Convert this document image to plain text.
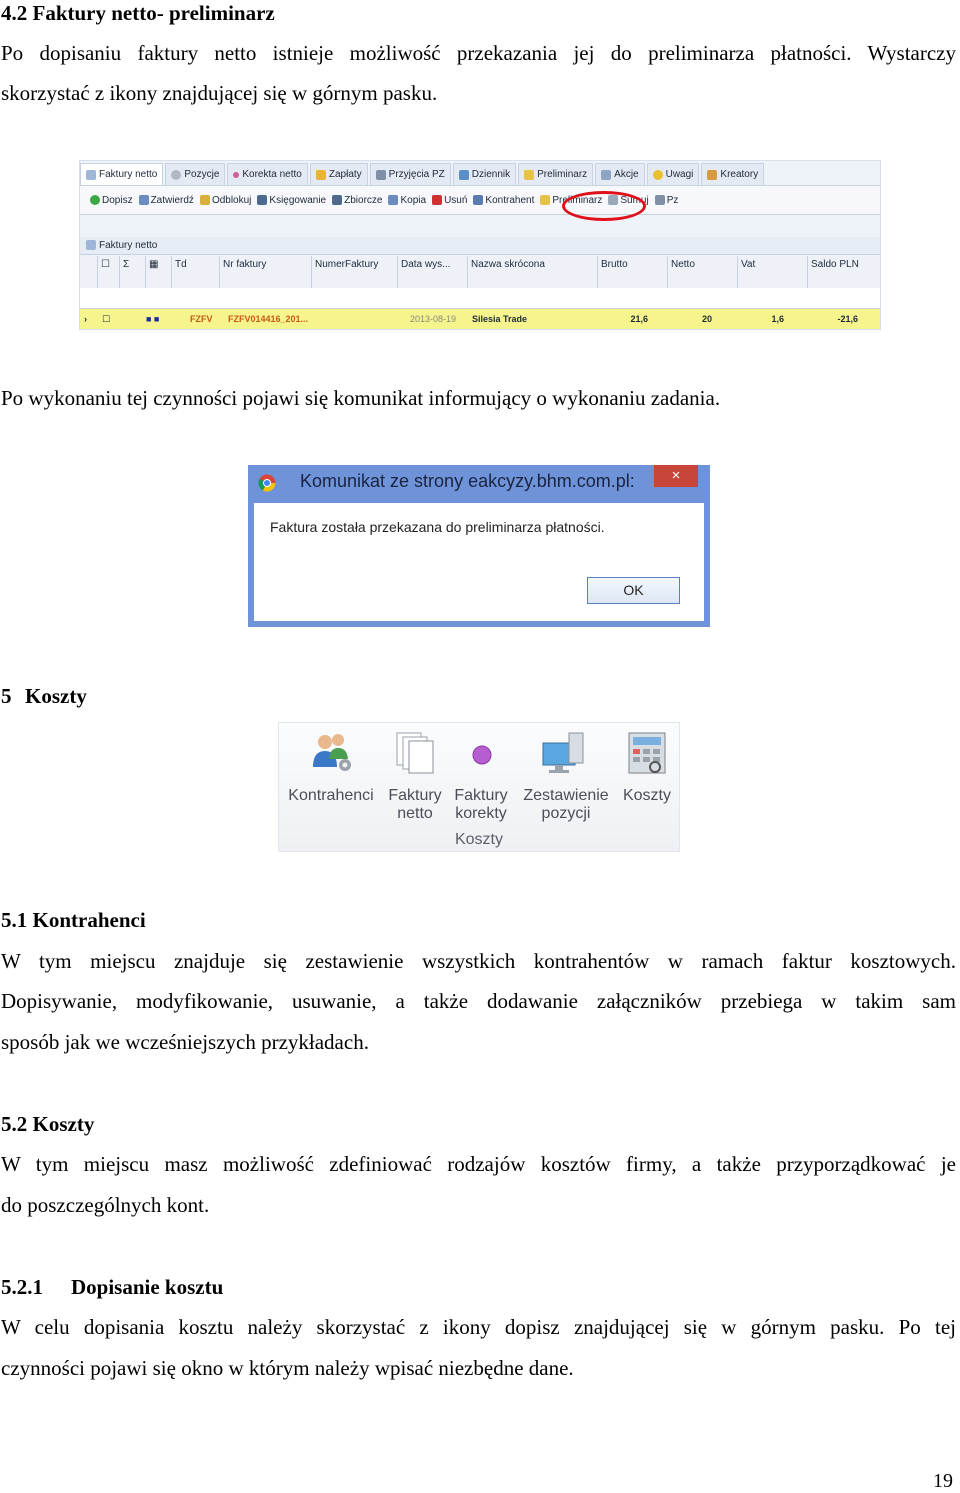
4.2 Faktury netto- preliminarz
Po dopisaniu faktury netto istnieje możliwość przekazania jej do preliminarza płatności. Wystarczy
skorzystać z ikony znajdującej się w górnym pasku.
Faktury netto	Pozycje Korekta netto	Zapłaty	Przyjęcia PZ	Dziennik	Preliminarz	Akcje	Uwagi	Kreatory
Dopisz Zatwierdź Odblokuj Księgowanie Zbiorcze Kopia Usuń Kontrahent Preliminarz Sumuj Pz
Faktury netto
☐	Σ	▦	Td	Nr faktury	NumerFaktury	Data wys...	Nazwa skrócona	Brutto	Netto	Vat	Saldo PLN
›	☐	■ ■	FZFV	FZFV014416_201...	2013-08-19	Silesia Trade	21,6	20	1,6	-21,6
Po wykonaniu tej czynności pojawi się komunikat informujący o wykonaniu zadania.
Komunikat ze strony eakcyzy.bhm.com.pl:	×
Faktura została przekazana do preliminarza płatności.
OK
5 Koszty
Kontrahenci Faktury
netto
Faktury
korekty
Zestawienie
pozycji
Koszty
Koszty
5.1 Kontrahenci
W tym miejscu znajduje się zestawienie wszystkich kontrahentów w ramach faktur kosztowych.
Dopisywanie, modyfikowanie, usuwanie, a także dodawanie załączników przebiega w takim sam
sposób jak we wcześniejszych przykładach.
5.2 Koszty
W tym miejscu masz możliwość zdefiniować rodzajów kosztów firmy, a także przyporządkować je
do poszczególnych kont.
5.2.1 Dopisanie kosztu
W celu dopisania kosztu należy skorzystać z ikony dopisz znajdującej się w górnym pasku. Po tej
czynności pojawi się okno w którym należy wpisać niezbędne dane.
19
